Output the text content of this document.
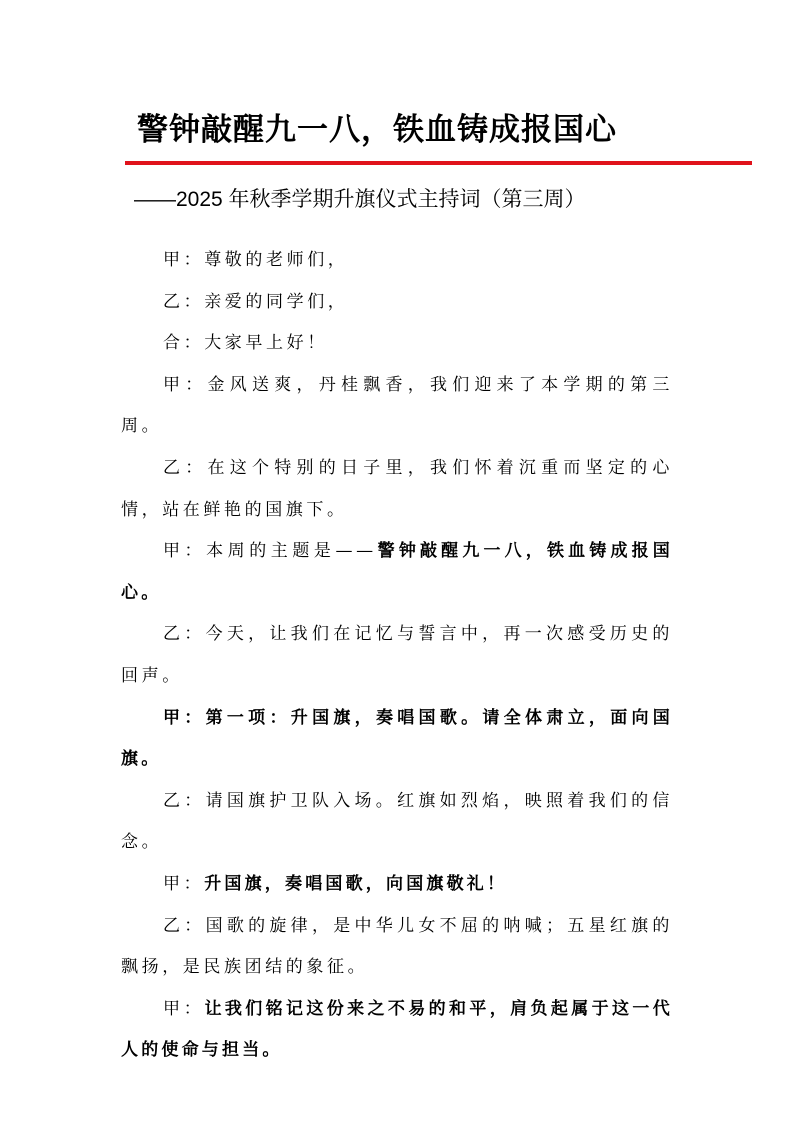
警钟敲醒九一八，铁血铸成报国心
——2025 年秋季学期升旗仪式主持词（第三周）

甲：尊敬的老师们，

乙：亲爱的同学们，

合：大家早上好！

甲：金风送爽，丹桂飘香，我们迎来了本学期的第三周。

乙：在这个特别的日子里，我们怀着沉重而坚定的心情，站在鲜艳的国旗下。

甲：本周的主题是——警钟敲醒九一八，铁血铸成报国心。

乙：今天，让我们在记忆与誓言中，再一次感受历史的回声。

甲：第一项：升国旗，奏唱国歌。请全体肃立，面向国旗。

乙：请国旗护卫队入场。红旗如烈焰，映照着我们的信念。

甲：升国旗，奏唱国歌，向国旗敬礼！

乙：国歌的旋律，是中华儿女不屈的呐喊；五星红旗的飘扬，是民族团结的象征。

甲：让我们铭记这份来之不易的和平，肩负起属于这一代人的使命与担当。
